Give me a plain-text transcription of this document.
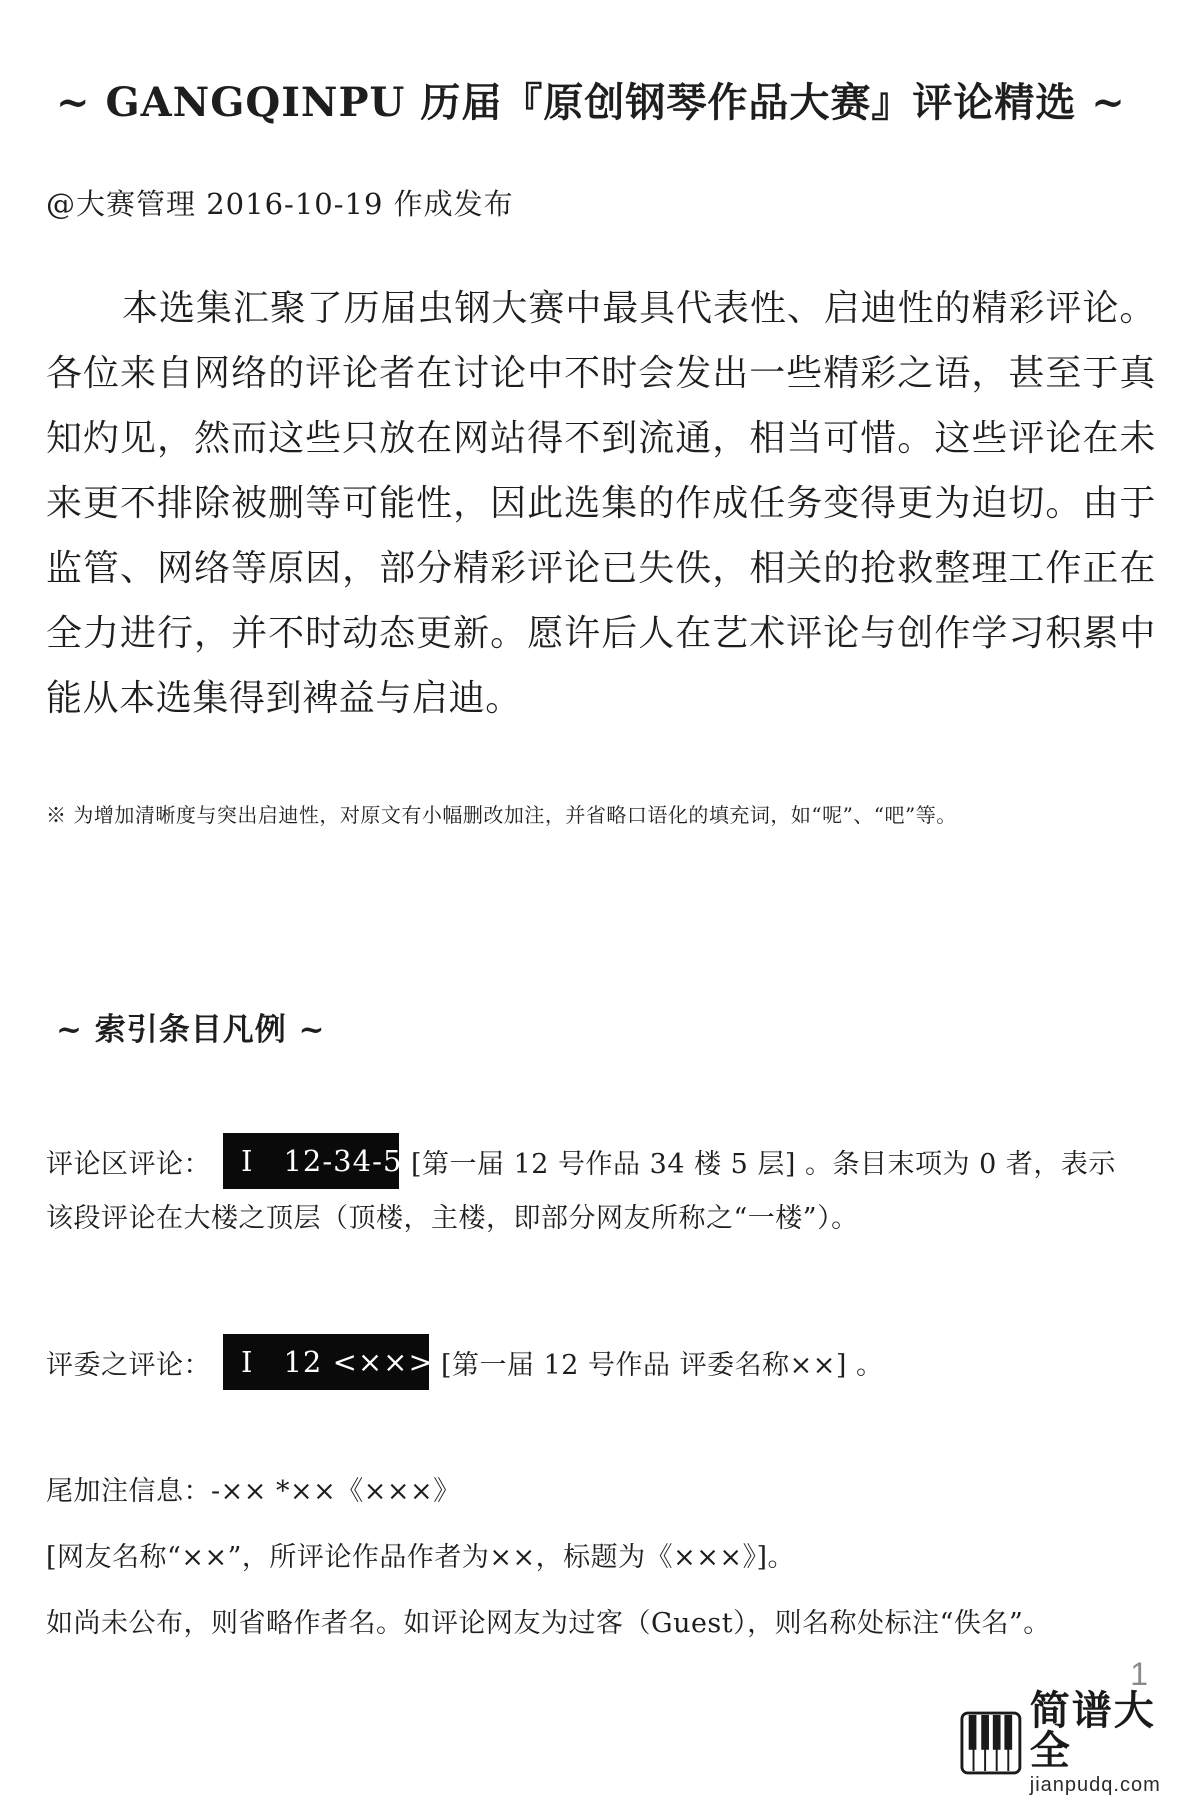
~ GANGQINPU 历届『原创钢琴作品大赛』评论精选 ~
@大赛管理 2016-10-19 作成发布

本选集汇聚了历届虫钢大赛中最具代表性、启迪性的精彩评论。各位来自网络的评论者在讨论中不时会发出一些精彩之语，甚至于真知灼见，然而这些只放在网站得不到流通，相当可惜。这些评论在未来更不排除被删等可能性，因此选集的作成任务变得更为迫切。由于监管、网络等原因，部分精彩评论已失佚，相关的抢救整理工作正在全力进行，并不时动态更新。愿许后人在艺术评论与创作学习积累中能从本选集得到裨益与启迪。

※ 为增加清晰度与突出启迪性，对原文有小幅删改加注，并省略口语化的填充词，如“呢”、“吧”等。
~ 索引条目凡例 ~
评论区评论： I 12-34-5 [第一届 12 号作品 34 楼 5 层] 。条目末项为 0 者，表示
该段评论在大楼之顶层（顶楼，主楼，即部分网友所称之“一楼”）。
评委之评论： I 12 <××> [第一届 12 号作品 评委名称××] 。
尾加注信息：-×× *××《×××》
[网友名称“××”，所评论作品作者为××，标题为《×××》]。
如尚未公布，则省略作者名。如评论网友为过客（Guest），则名称处标注“佚名”。
1
简谱大全
jianpudq.com
